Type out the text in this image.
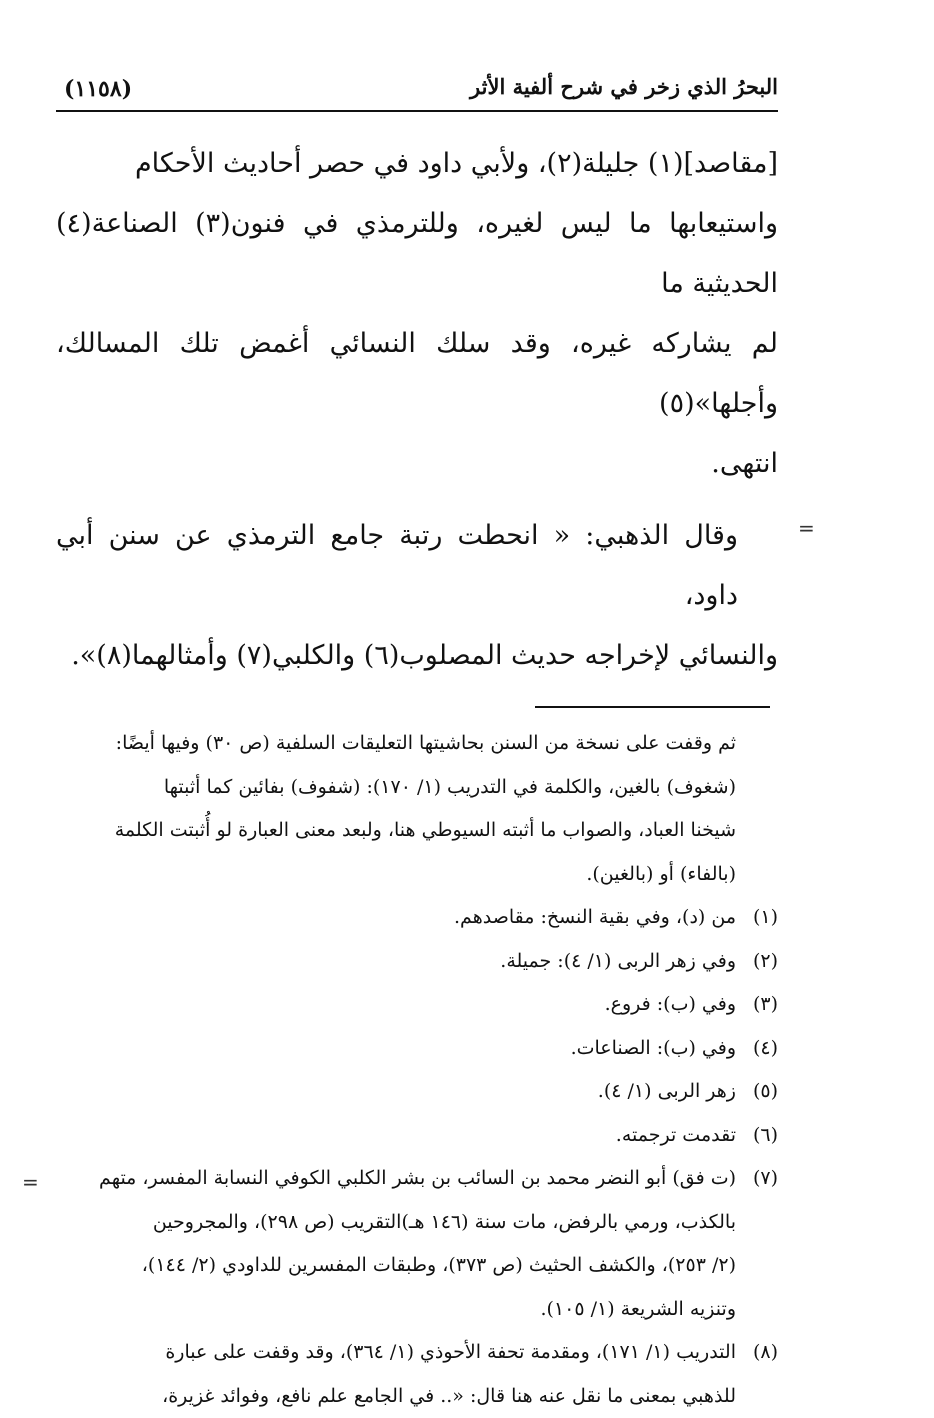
=
=
البحرُ الذي زخر في شرح ألفية الأثر
(١١٥٨)

[مقاصد](١) جليلة(٢)، ولأبي داود في حصر أحاديث الأحكام

واستيعابها ما ليس لغيره، وللترمذي في فنون(٣) الصناعة(٤) الحديثية ما

لم يشاركه غيره، وقد سلك النسائي أغمض تلك المسالك، وأجلها»(٥)

انتهى.

وقال الذهبي: « انحطت رتبة جامع الترمذي عن سنن أبي داود،

والنسائي لإخراجه حديث المصلوب(٦) والكلبي(٧) وأمثالهما(٨)».

ثم وقفت على نسخة من السنن بحاشيتها التعليقات السلفية (ص ٣٠) وفيها أيضًا:

(شغوف) بالغين، والكلمة في التدريب (١/ ١٧٠): (شفوف) بفائين كما أثبتها

شيخنا العباد، والصواب ما أثبته السيوطي هنا، ولبعد معنى العبارة لو أُثبتت الكلمة

(بالفاء) أو (بالغين).

(١)
من (د)، وفي بقية النسخ: مقاصدهم.

(٢)
وفي زهر الربى (١/ ٤): جميلة.

(٣)
وفي (ب): فروع.

(٤)
وفي (ب): الصناعات.

(٥)
زهر الربى (١/ ٤).

(٦)
تقدمت ترجمته.

(٧)
(ت فق) أبو النضر محمد بن السائب بن بشر الكلبي الكوفي النسابة المفسر، متهم

بالكذب، ورمي بالرفض، مات سنة (١٤٦ هـ)التقريب (ص ٢٩٨)، والمجروحين

(٢/ ٢٥٣)، والكشف الحثيث (ص ٣٧٣)، وطبقات المفسرين للداودي (٢/ ١٤٤)،

وتنزيه الشريعة (١/ ١٠٥).

(٨)
التدريب (١/ ١٧١)، ومقدمة تحفة الأحوذي (١/ ٣٦٤)، وقد وقفت على عبارة

للذهبي بمعنى ما نقل عنه هنا قال: «.. في الجامع علم نافع، وفوائد غزيرة،
